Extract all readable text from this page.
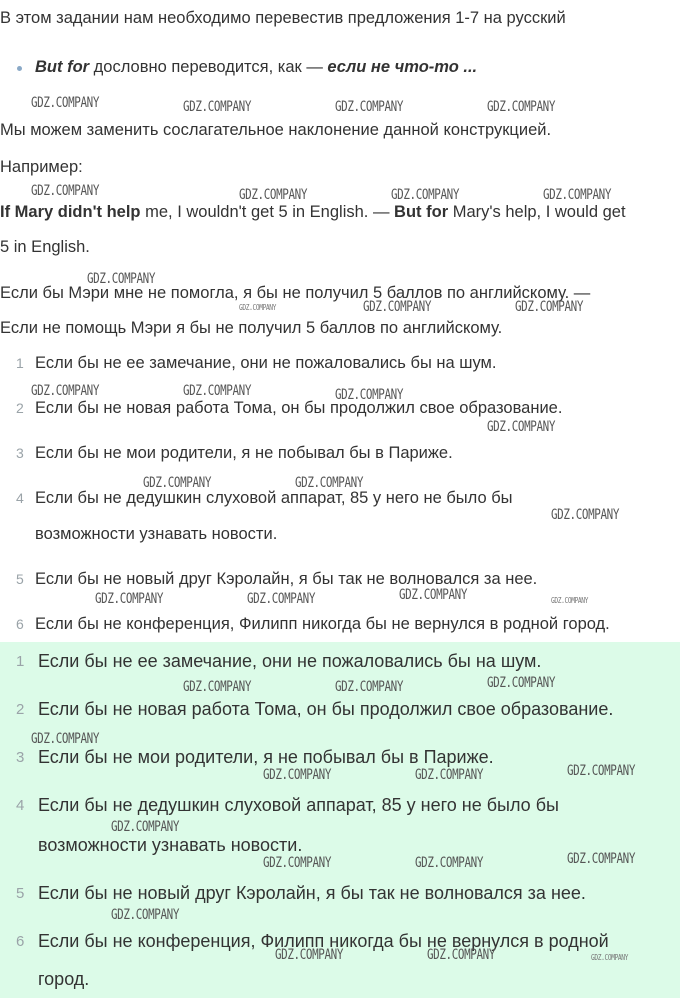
В этом задании нам необходимо перевестив предложения 1-7 на русский
But for дословно переводится, как — если не что-то ...
Мы можем заменить сослагательное наклонение данной конструкцией.
Например:
If Mary didn't help me, I wouldn't get 5 in English. — But for Mary's help, I would get
5 in English.
Если бы Мэри мне не помогла, я бы не получил 5 баллов по английскому. —
Если не помощь Мэри я бы не получил 5 баллов по английскому.
1 Если бы не ее замечание, они не пожаловались бы на шум.
2 Если бы не новая работа Тома, он бы продолжил свое образование.
3 Если бы не мои родители, я не побывал бы в Париже.
4 Если бы не дедушкин слуховой аппарат, 85 у него не было бы
возможности узнавать новости.
5 Если бы не новый друг Кэролайн, я бы так не волновался за нее.
6 Если бы не конференция, Филипп никогда бы не вернулся в родной город.
1 Если бы не ее замечание, они не пожаловались бы на шум.
2 Если бы не новая работа Тома, он бы продолжил свое образование.
3 Если бы не мои родители, я не побывал бы в Париже.
4 Если бы не дедушкин слуховой аппарат, 85 у него не было бы
возможности узнавать новости.
5 Если бы не новый друг Кэролайн, я бы так не волновался за нее.
6 Если бы не конференция, Филипп никогда бы не вернулся в родной
город.
GDZ.COMPANY	GDZ.COMPANY	GDZ.COMPANY	GDZ.COMPANY
GDZ.COMPANY	GDZ.COMPANY	GDZ.COMPANY	GDZ.COMPANY
GDZ.COMPANY
GDZ.COMPANY	GDZ.COMPANY	GDZ.COMPANY
GDZ.COMPANY	GDZ.COMPANY	GDZ.COMPANY
GDZ.COMPANY
GDZ.COMPANY	GDZ.COMPANY
GDZ.COMPANY
GDZ.COMPANY	GDZ.COMPANY	GDZ.COMPANY	GDZ.COMPANY
GDZ.COMPANY	GDZ.COMPANY	GDZ.COMPANY
GDZ.COMPANY
GDZ.COMPANY	GDZ.COMPANY	GDZ.COMPANY
GDZ.COMPANY
GDZ.COMPANY	GDZ.COMPANY	GDZ.COMPANY
GDZ.COMPANY
GDZ.COMPANY	GDZ.COMPANY	GDZ.COMPANY
